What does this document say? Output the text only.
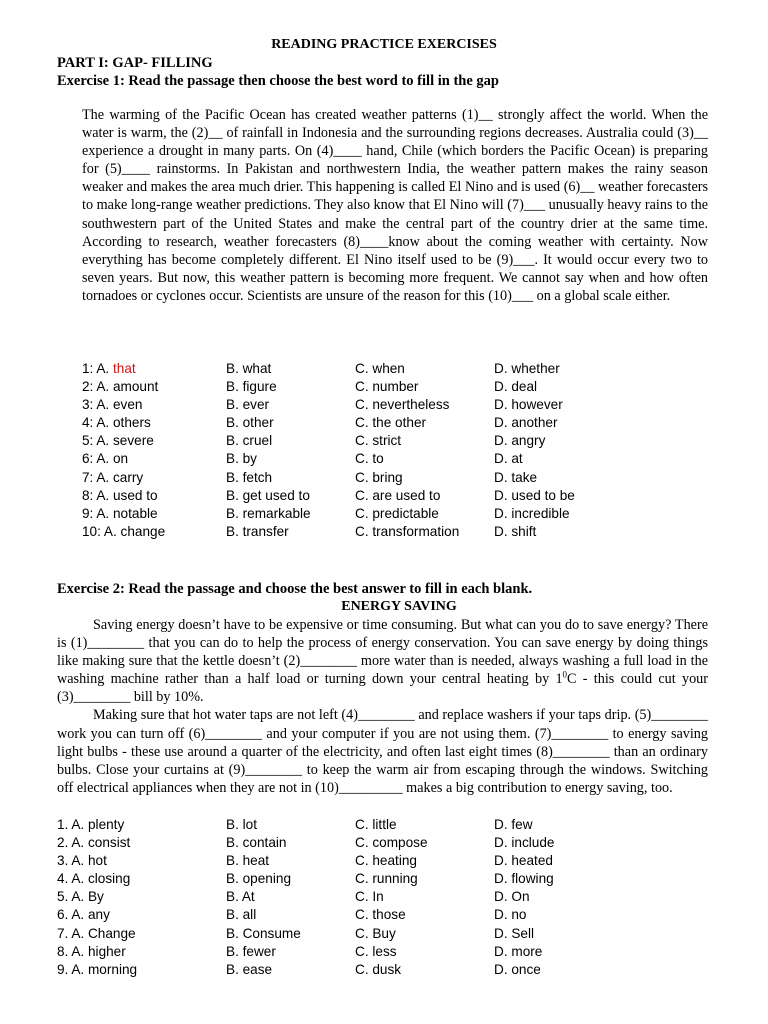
READING PRACTICE EXERCISES
PART I: GAP- FILLING
Exercise 1: Read the passage then choose the best word to fill in the gap
The warming of the Pacific Ocean has created weather patterns (1)__ strongly affect the world. When the water is warm, the (2)__ of rainfall in Indonesia and the surrounding regions decreases. Australia could (3)__ experience a drought in many parts. On (4)____ hand, Chile (which borders the Pacific Ocean) is preparing for (5)____ rainstorms. In Pakistan and northwestern India, the weather pattern makes the rainy season weaker and makes the area much drier. This happening is called El Nino and is used (6)__ weather forecasters to make long-range weather predictions. They also know that El Nino will (7)___ unusually heavy rains to the southwestern part of the United States and make the central part of the country drier at the same time. According to research, weather forecasters (8)____know about the coming weather with certainty. Now everything has become completely different. El Nino itself used to be (9)___. It would occur every two to seven years. But now, this weather pattern is becoming more frequent. We cannot say when and how often tornadoes or cyclones occur. Scientists are unsure of the reason for this (10)___ on a global scale either.
1: A. that	B. what	C. when	D. whether
2: A. amount	B. figure	C. number	D. deal
3: A. even	B. ever	C. nevertheless	D. however
4: A. others	B. other	C. the other	D. another
5: A. severe	B. cruel	C. strict	D. angry
6: A. on	B. by	C. to	D. at
7: A. carry	B. fetch	C. bring	D. take
8: A. used to	B. get used to	C. are used to	D. used to be
9: A. notable	B. remarkable	C. predictable	D. incredible
10: A. change	B. transfer	C. transformation	D. shift
Exercise 2: Read the passage and choose the best answer to fill in each blank.
ENERGY SAVING

Saving energy doesn’t have to be expensive or time consuming. But what can you do to save energy? There is (1)________ that you can do to help the process of energy conservation. You can save energy by doing things like making sure that the kettle doesn’t (2)________ more water than is needed, always washing a full load in the washing machine rather than a half load or turning down your central heating by $1^0C$ - this could cut your (3)________ bill by 10%.

Making sure that hot water taps are not left (4)________ and replace washers if your taps drip. (5)________ work you can turn off (6)________ and your computer if you are not using them. (7)________ to energy saving light bulbs - these use around a quarter of the electricity, and often last eight times (8)________ than an ordinary bulbs. Close your curtains at (9)________ to keep the warm air from escaping through the windows. Switching off electrical appliances when they are not in (10)_________ makes a big contribution to energy saving, too.

1. A. plenty	B. lot	C. little	D. few
2. A. consist	B. contain	C. compose	D. include
3. A. hot	B. heat	C. heating	D. heated
4. A. closing	B. opening	C. running	D. flowing
5. A. By	B. At	C. In	D. On
6. A. any	B. all	C. those	D. no
7. A. Change	B. Consume	C. Buy	D. Sell
8. A. higher	B. fewer	C. less	D. more
9. A. morning	B. ease	C. dusk	D. once
